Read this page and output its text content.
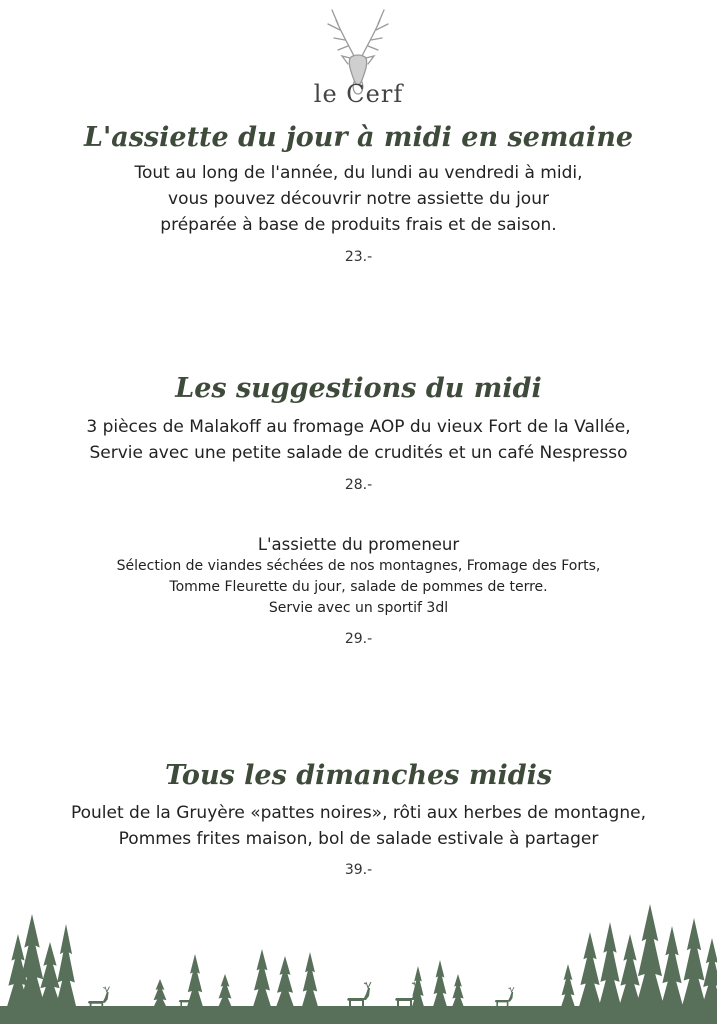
le Cerf
L'assiette du jour à midi en semaine
Tout au long de l'année, du lundi au vendredi à midi,
vous pouvez découvrir notre assiette du jour
préparée à base de produits frais et de saison.
23.-
Les suggestions du midi
3 pièces de Malakoff au fromage AOP du vieux Fort de la Vallée,
Servie avec une petite salade de crudités et un café Nespresso
28.-
L'assiette du promeneur
Sélection de viandes séchées de nos montagnes, Fromage des Forts,
Tomme Fleurette du jour, salade de pommes de terre.
Servie avec un sportif 3dl
29.-
Tous les dimanches midis
Poulet de la Gruyère «pattes noires», rôti aux herbes de montagne,
Pommes frites maison, bol de salade estivale à partager
39.-
